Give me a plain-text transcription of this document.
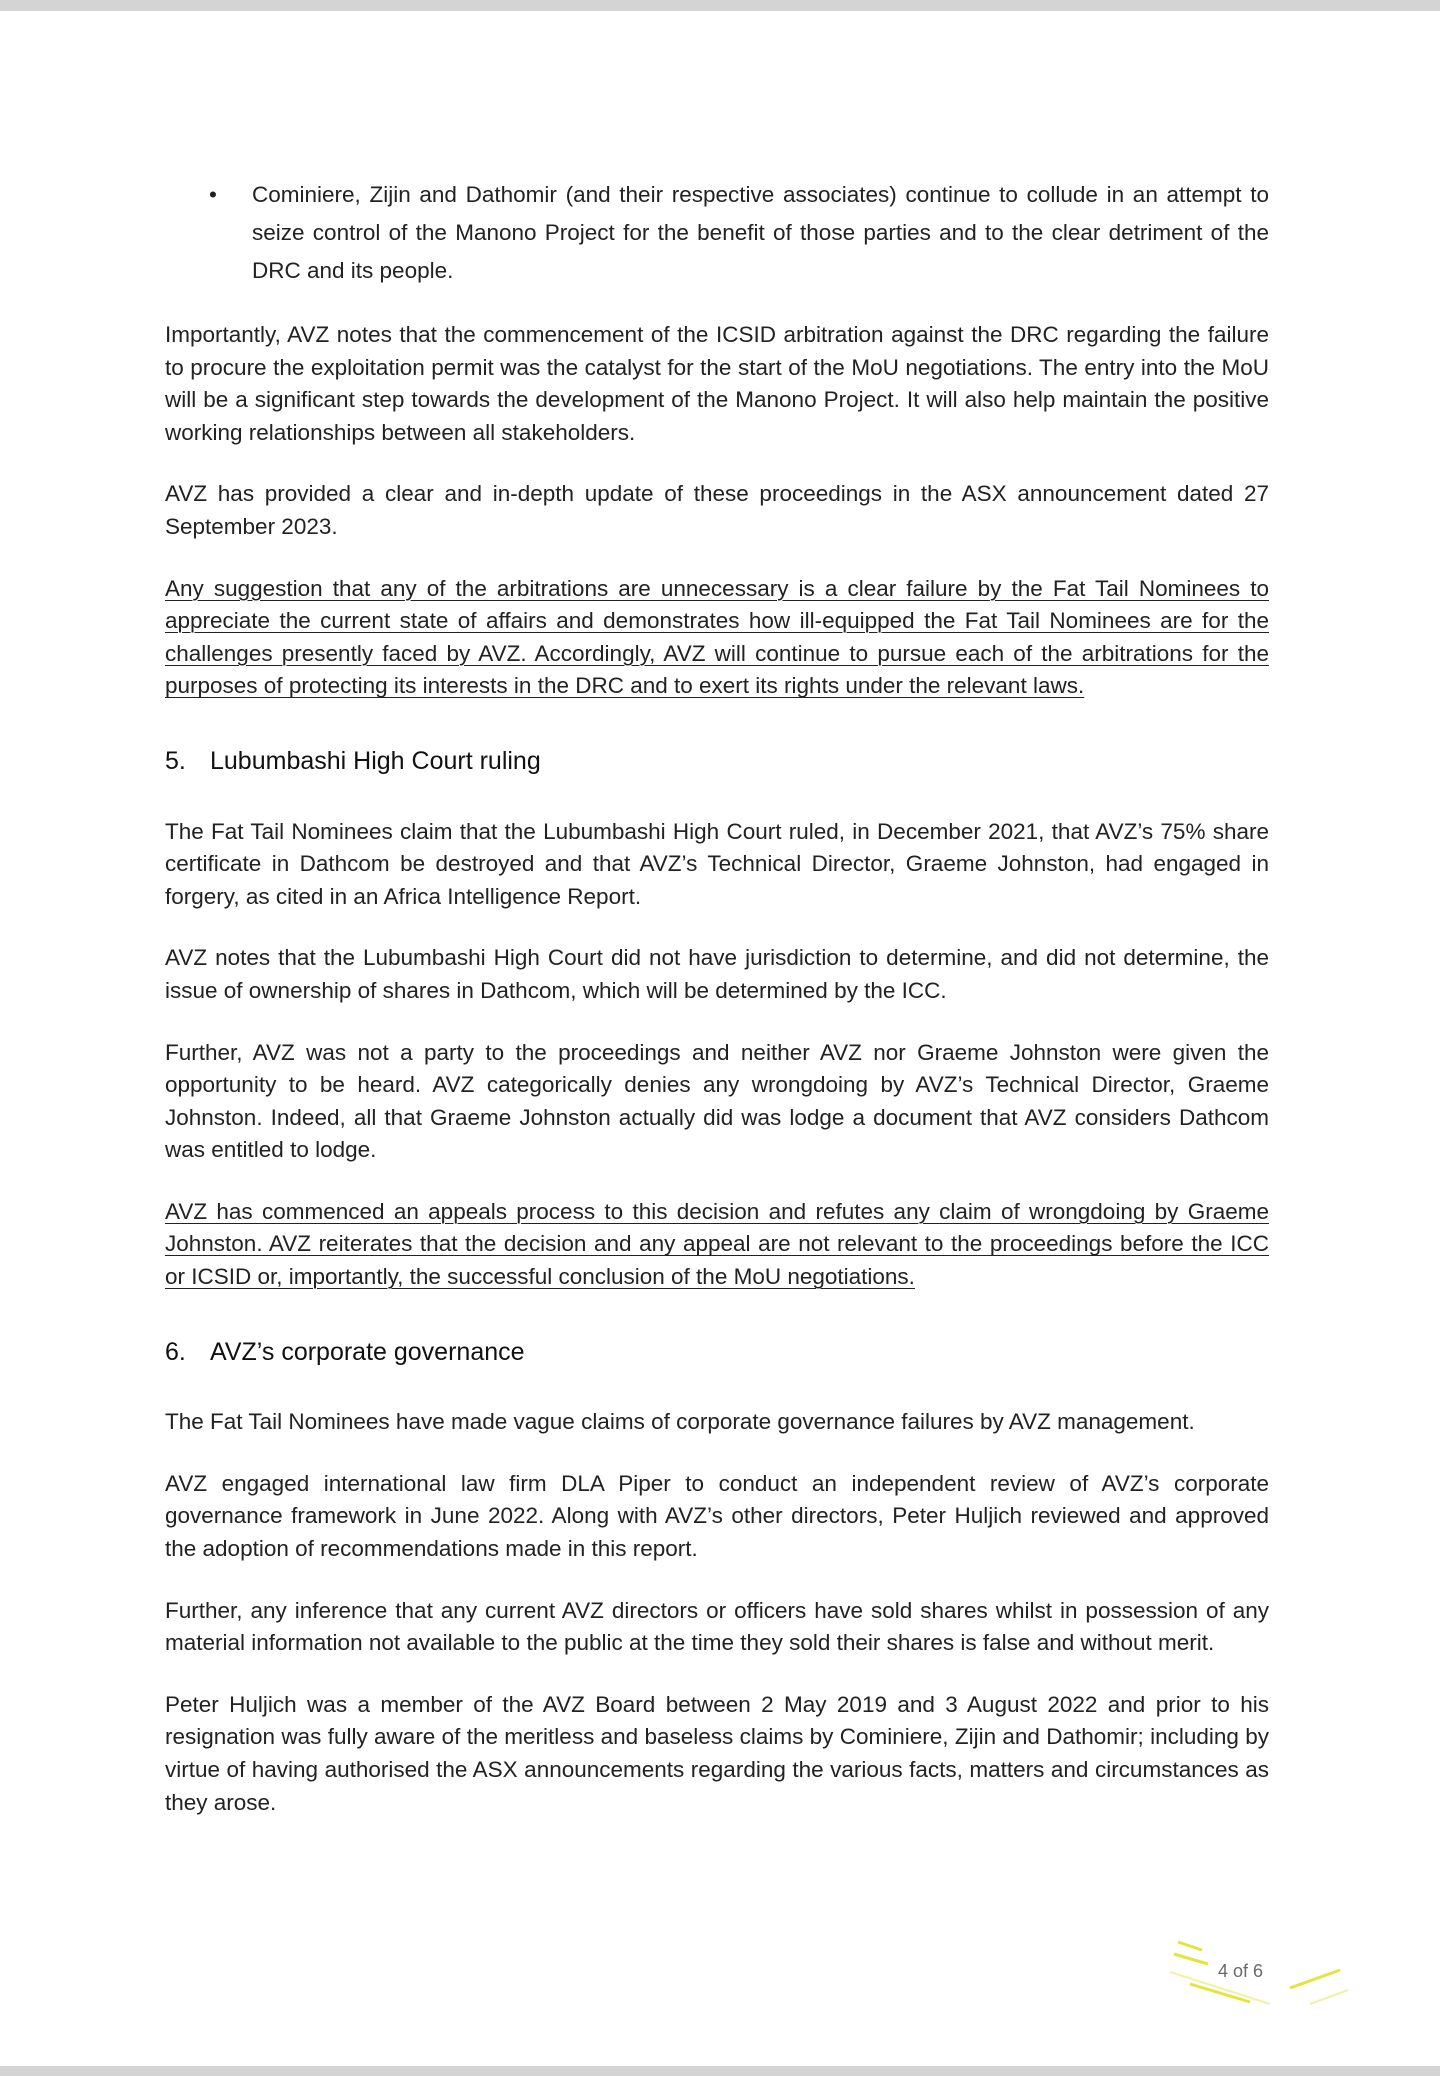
• Cominiere, Zijin and Dathomir (and their respective associates) continue to collude in an attempt to seize control of the Manono Project for the benefit of those parties and to the clear detriment of the DRC and its people.

Importantly, AVZ notes that the commencement of the ICSID arbitration against the DRC regarding the failure to procure the exploitation permit was the catalyst for the start of the MoU negotiations. The entry into the MoU will be a significant step towards the development of the Manono Project. It will also help maintain the positive working relationships between all stakeholders.

AVZ has provided a clear and in-depth update of these proceedings in the ASX announcement dated 27 September 2023.

Any suggestion that any of the arbitrations are unnecessary is a clear failure by the Fat Tail Nominees to appreciate the current state of affairs and demonstrates how ill-equipped the Fat Tail Nominees are for the challenges presently faced by AVZ. Accordingly, AVZ will continue to pursue each of the arbitrations for the purposes of protecting its interests in the DRC and to exert its rights under the relevant laws.

5. Lubumbashi High Court ruling

The Fat Tail Nominees claim that the Lubumbashi High Court ruled, in December 2021, that AVZ’s 75% share certificate in Dathcom be destroyed and that AVZ’s Technical Director, Graeme Johnston, had engaged in forgery, as cited in an Africa Intelligence Report.

AVZ notes that the Lubumbashi High Court did not have jurisdiction to determine, and did not determine, the issue of ownership of shares in Dathcom, which will be determined by the ICC.

Further, AVZ was not a party to the proceedings and neither AVZ nor Graeme Johnston were given the opportunity to be heard. AVZ categorically denies any wrongdoing by AVZ’s Technical Director, Graeme Johnston. Indeed, all that Graeme Johnston actually did was lodge a document that AVZ considers Dathcom was entitled to lodge.

AVZ has commenced an appeals process to this decision and refutes any claim of wrongdoing by Graeme Johnston. AVZ reiterates that the decision and any appeal are not relevant to the proceedings before the ICC or ICSID or, importantly, the successful conclusion of the MoU negotiations.

6. AVZ’s corporate governance

The Fat Tail Nominees have made vague claims of corporate governance failures by AVZ management.

AVZ engaged international law firm DLA Piper to conduct an independent review of AVZ’s corporate governance framework in June 2022. Along with AVZ’s other directors, Peter Huljich reviewed and approved the adoption of recommendations made in this report.

Further, any inference that any current AVZ directors or officers have sold shares whilst in possession of any material information not available to the public at the time they sold their shares is false and without merit.

Peter Huljich was a member of the AVZ Board between 2 May 2019 and 3 August 2022 and prior to his resignation was fully aware of the meritless and baseless claims by Cominiere, Zijin and Dathomir; including by virtue of having authorised the ASX announcements regarding the various facts, matters and circumstances as they arose.

4 of 6
